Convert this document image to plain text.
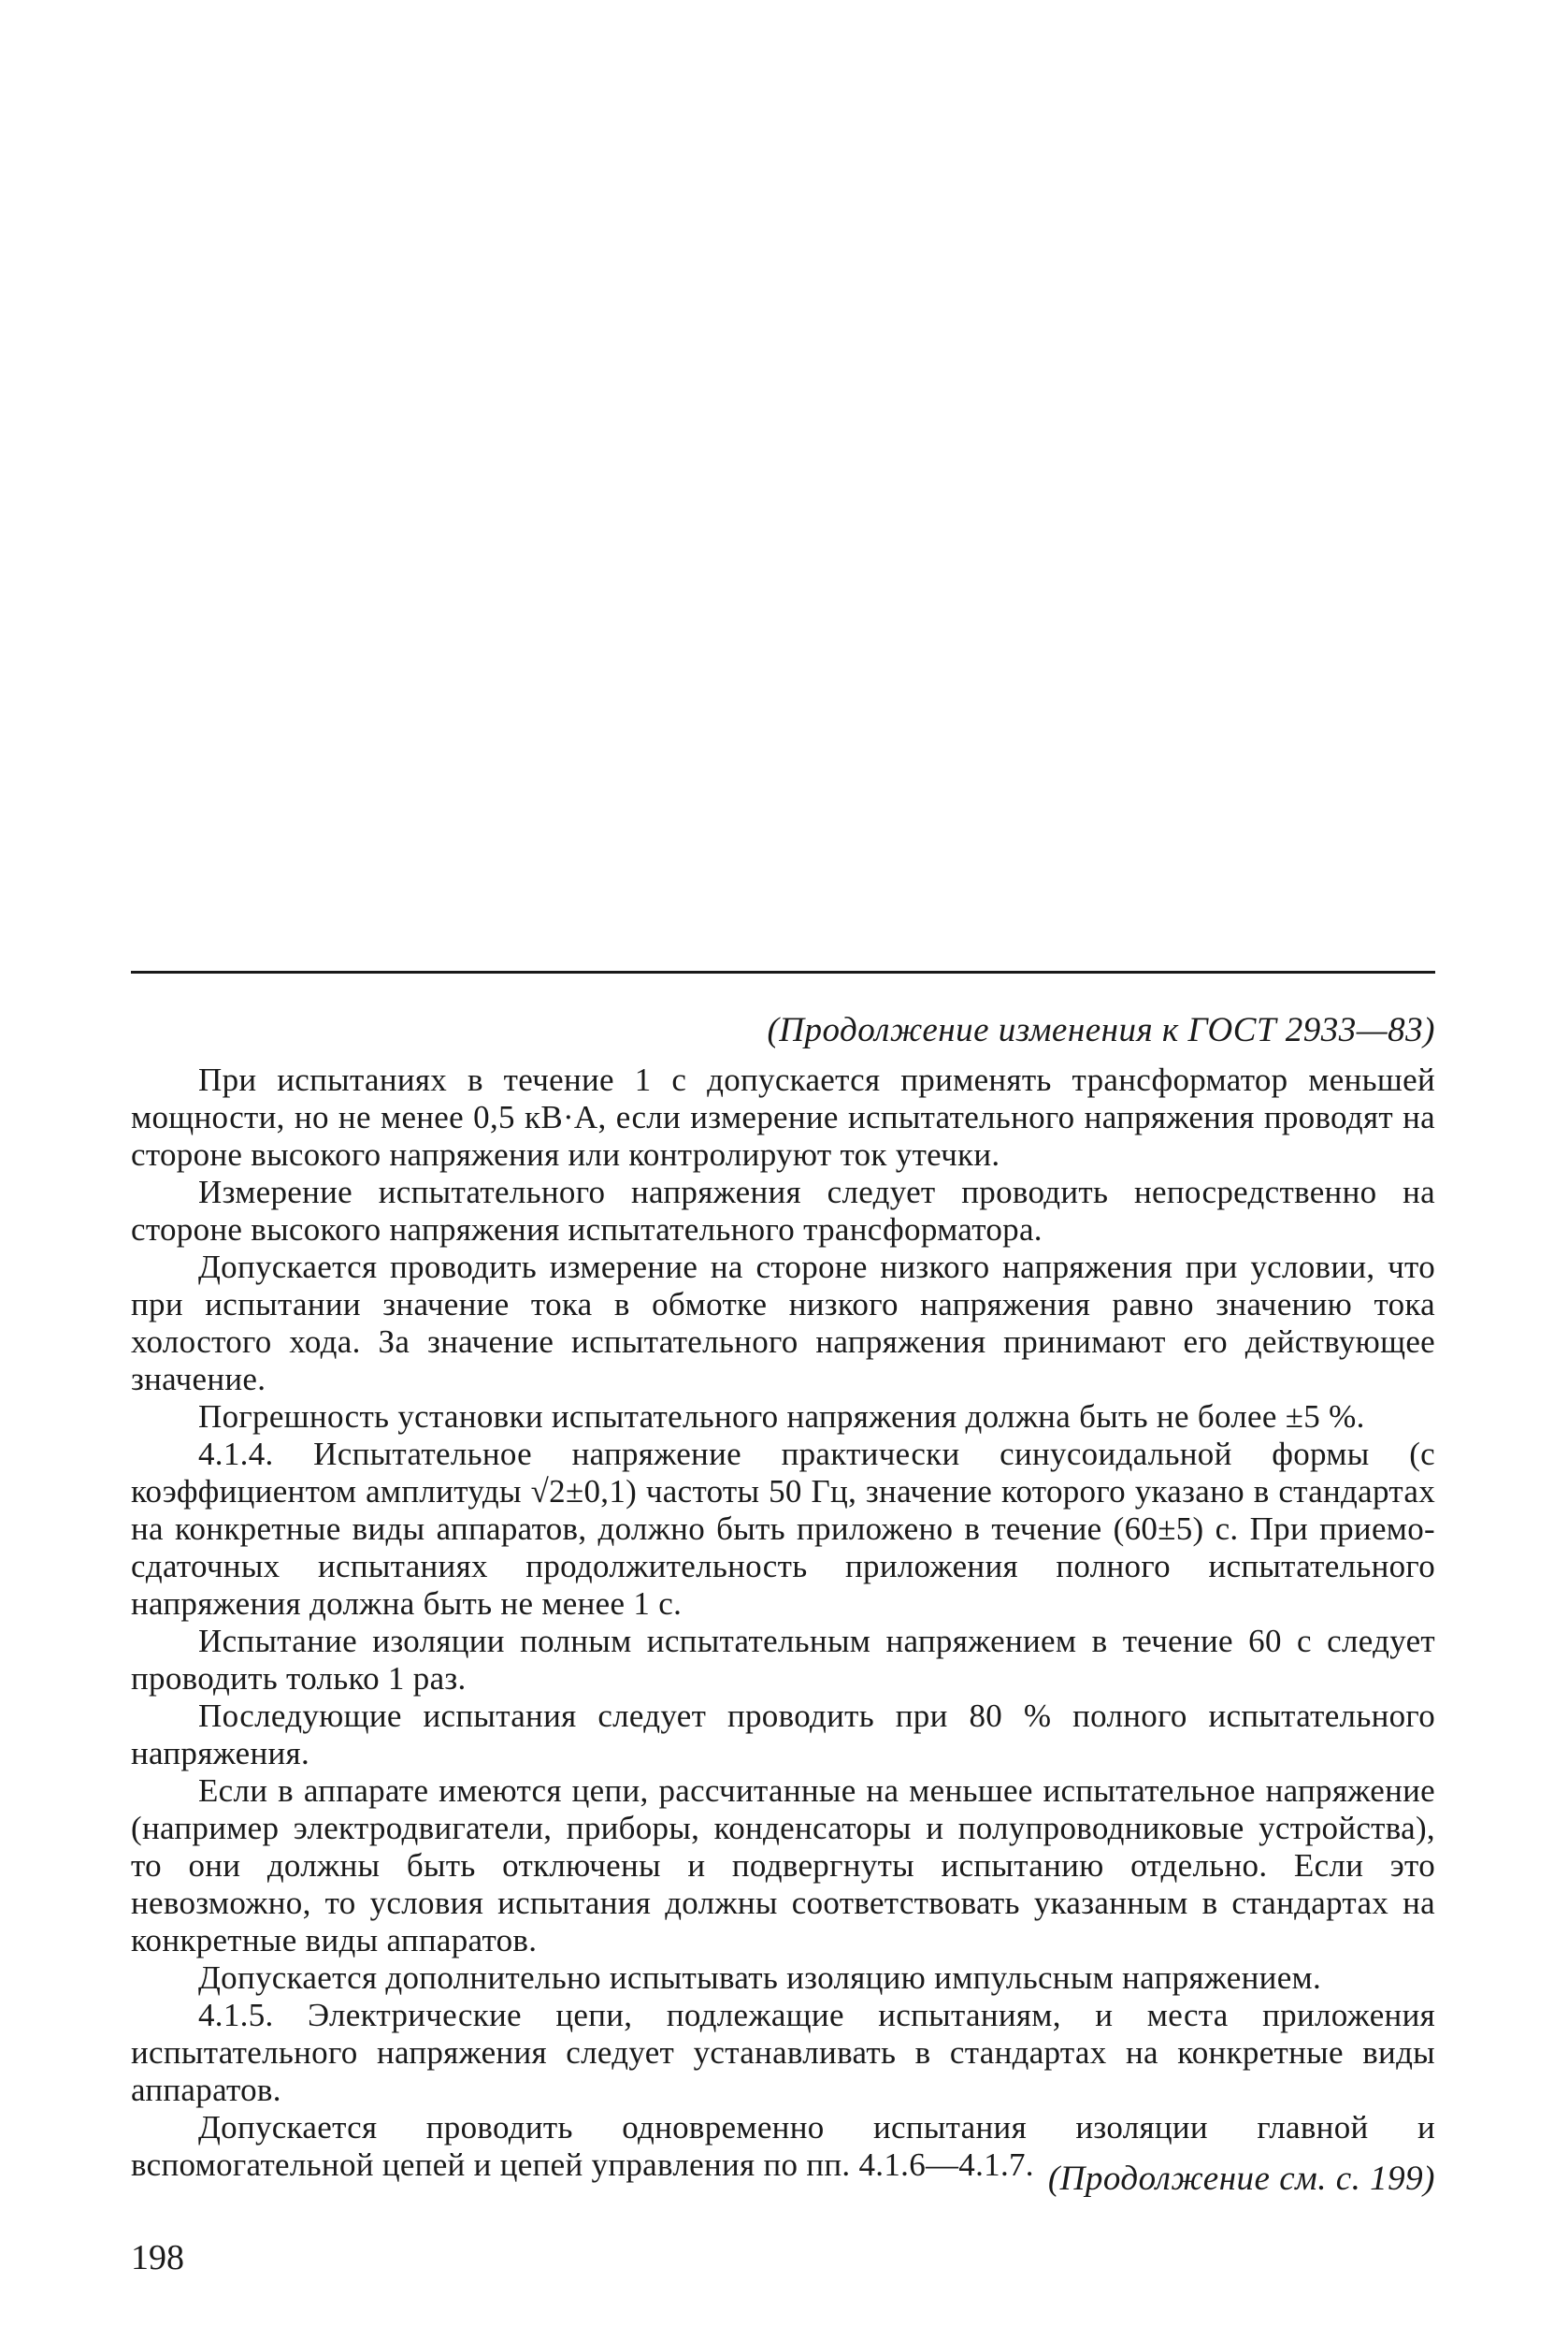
(Продолжение изменения к ГОСТ 2933—83)

При испытаниях в течение 1 с допускается применять трансформатор меньшей мощности, но не менее 0,5 кВ·А, если измерение испытательного напряжения проводят на стороне высокого напряжения или контролируют ток утечки.

Измерение испытательного напряжения следует проводить непосредственно на стороне высокого напряжения испытательного трансформатора.

Допускается проводить измерение на стороне низкого напряжения при условии, что при испытании значение тока в обмотке низкого напряжения равно значению тока холостого хода. За значение испытательного напряжения принимают его действующее значение.

Погрешность установки испытательного напряжения должна быть не более ±5 %.

4.1.4. Испытательное напряжение практически синусоидальной формы (с коэффициентом амплитуды √2±0,1) частоты 50 Гц, значение которого указано в стандартах на конкретные виды аппаратов, должно быть приложено в течение (60±5) с. При приемо-сдаточных испытаниях продолжительность приложения полного испытательного напряжения должна быть не менее 1 с.

Испытание изоляции полным испытательным напряжением в течение 60 с следует проводить только 1 раз.

Последующие испытания следует проводить при 80 % полного испытательного напряжения.

Если в аппарате имеются цепи, рассчитанные на меньшее испытательное напряжение (например электродвигатели, приборы, конденсаторы и полупроводниковые устройства), то они должны быть отключены и подвергнуты испытанию отдельно. Если это невозможно, то условия испытания должны соответствовать указанным в стандартах на конкретные виды аппаратов.

Допускается дополнительно испытывать изоляцию импульсным напряжением.

4.1.5. Электрические цепи, подлежащие испытаниям, и места приложения испытательного напряжения следует устанавливать в стандартах на конкретные виды аппаратов.

Допускается проводить одновременно испытания изоляции главной и вспомогательной цепей и цепей управления по пп. 4.1.6—4.1.7. (Продолжение см. с. 199)
198
